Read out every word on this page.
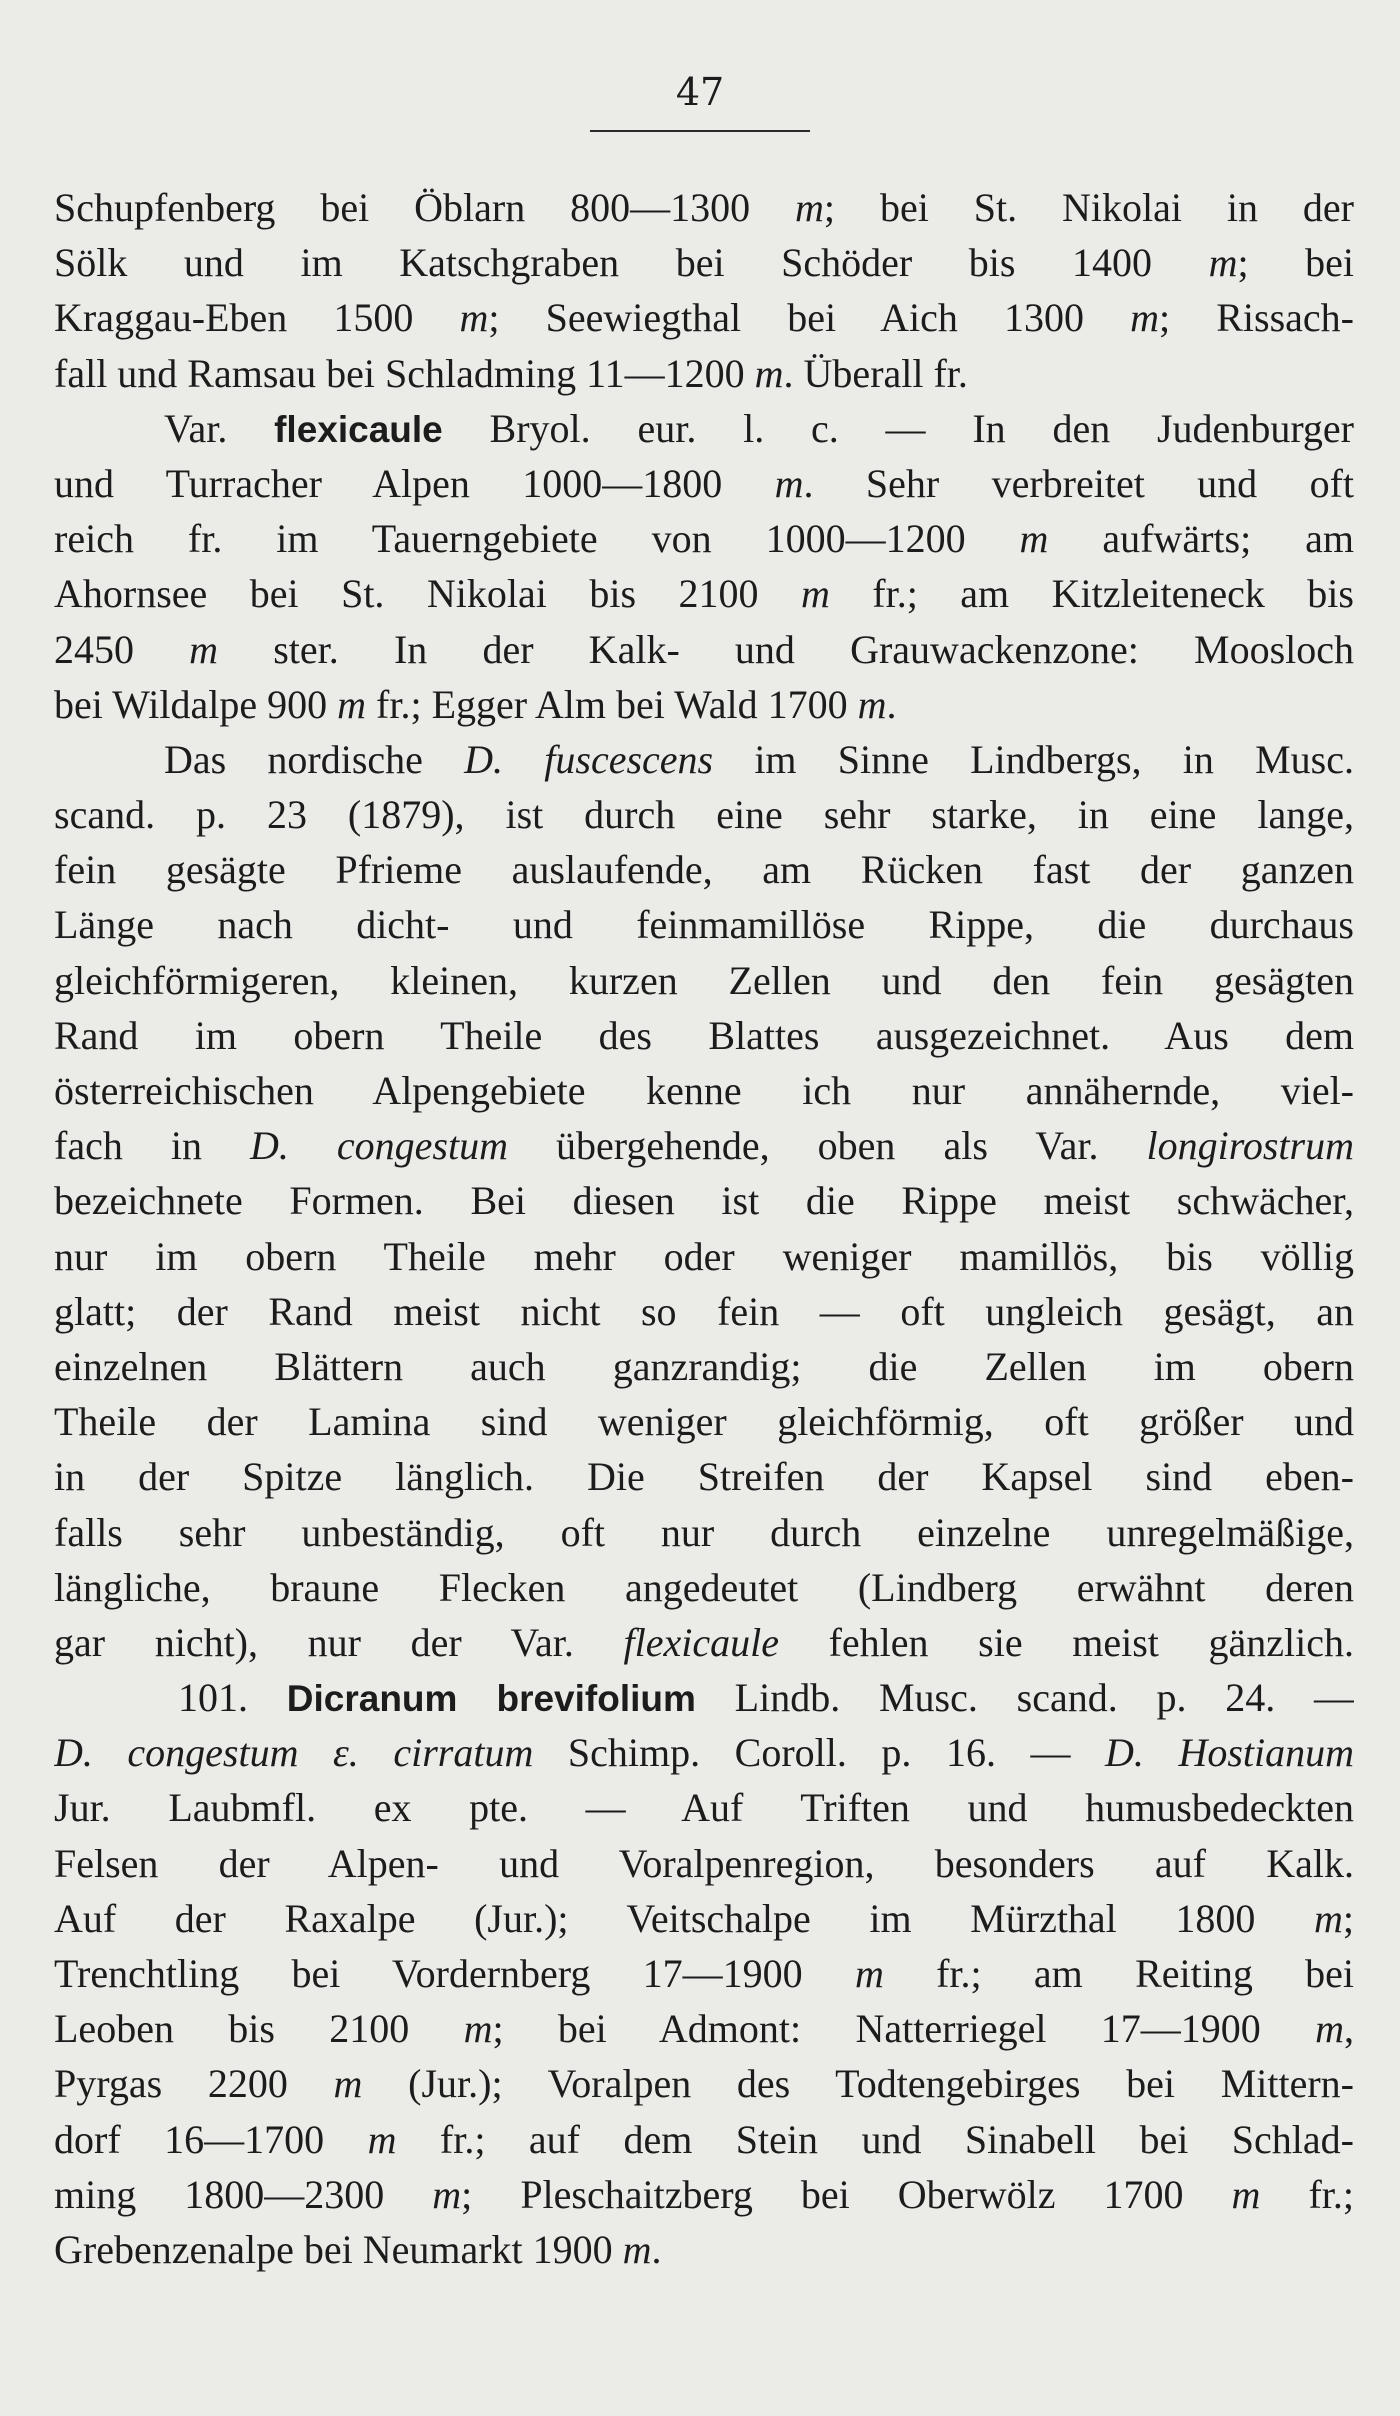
47
Schupfenberg bei Öblarn 800—1300 m; bei St. Nikolai in der
Sölk und im Katschgraben bei Schöder bis 1400 m; bei
Kraggau-Eben 1500 m; Seewiegthal bei Aich 1300 m; Rissach-
fall und Ramsau bei Schladming 11—1200 m. Überall fr.
Var. flexicaule Bryol. eur. l. c. — In den Judenburger
und Turracher Alpen 1000—1800 m. Sehr verbreitet und oft
reich fr. im Tauerngebiete von 1000—1200 m aufwärts; am
Ahornsee bei St. Nikolai bis 2100 m fr.; am Kitzleiteneck bis
2450 m ster. In der Kalk- und Grauwackenzone: Moosloch
bei Wildalpe 900 m fr.; Egger Alm bei Wald 1700 m.
Das nordische D. fuscescens im Sinne Lindbergs, in Musc.
scand. p. 23 (1879), ist durch eine sehr starke, in eine lange,
fein gesägte Pfrieme auslaufende, am Rücken fast der ganzen
Länge nach dicht- und feinmamillöse Rippe, die durchaus
gleichförmigeren, kleinen, kurzen Zellen und den fein gesägten
Rand im obern Theile des Blattes ausgezeichnet. Aus dem
österreichischen Alpengebiete kenne ich nur annähernde, viel-
fach in D. congestum übergehende, oben als Var. longirostrum
bezeichnete Formen. Bei diesen ist die Rippe meist schwächer,
nur im obern Theile mehr oder weniger mamillös, bis völlig
glatt; der Rand meist nicht so fein — oft ungleich gesägt, an
einzelnen Blättern auch ganzrandig; die Zellen im obern
Theile der Lamina sind weniger gleichförmig, oft größer und
in der Spitze länglich. Die Streifen der Kapsel sind eben-
falls sehr unbeständig, oft nur durch einzelne unregelmäßige,
längliche, braune Flecken angedeutet (Lindberg erwähnt deren
gar nicht), nur der Var. flexicaule fehlen sie meist gänzlich.
101. Dicranum brevifolium Lindb. Musc. scand. p. 24. —
D. congestum ε. cirratum Schimp. Coroll. p. 16. — D. Hostianum
Jur. Laubmfl. ex pte. — Auf Triften und humusbedeckten
Felsen der Alpen- und Voralpenregion, besonders auf Kalk.
Auf der Raxalpe (Jur.); Veitschalpe im Mürzthal 1800 m;
Trenchtling bei Vordernberg 17—1900 m fr.; am Reiting bei
Leoben bis 2100 m; bei Admont: Natterriegel 17—1900 m,
Pyrgas 2200 m (Jur.); Voralpen des Todtengebirges bei Mittern-
dorf 16—1700 m fr.; auf dem Stein und Sinabell bei Schlad-
ming 1800—2300 m; Pleschaitzberg bei Oberwölz 1700 m fr.;
Grebenzenalpe bei Neumarkt 1900 m.
